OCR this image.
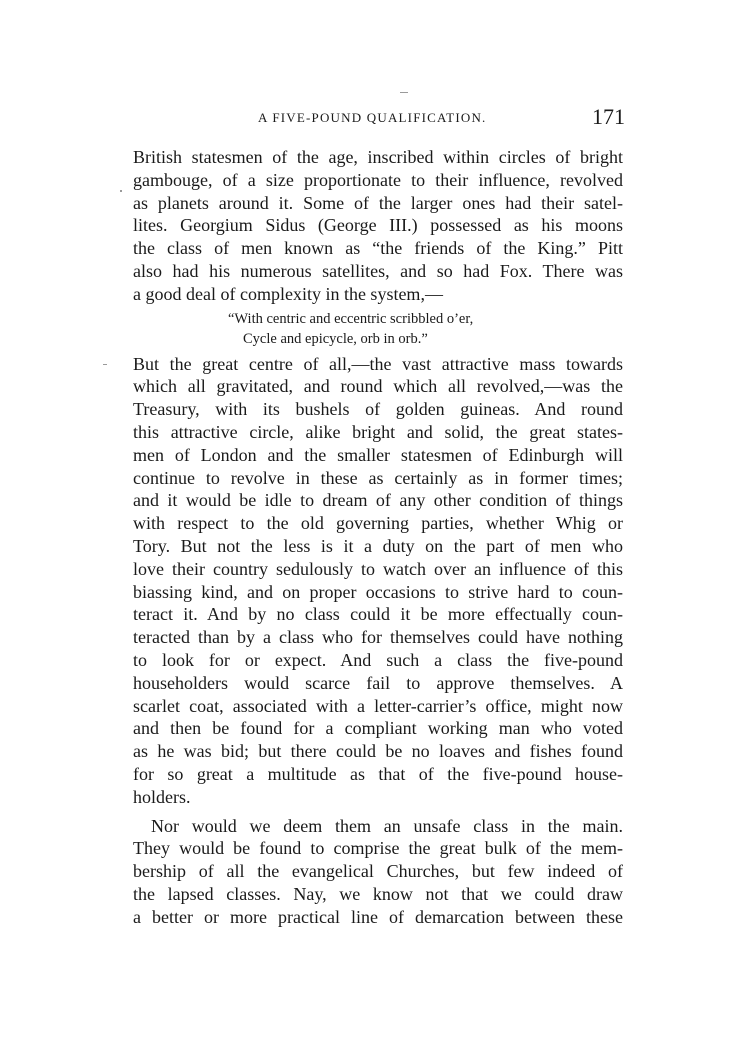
A FIVE-POUND QUALIFICATION.	171
British statesmen of the age, inscribed within circles of bright
gambouge, of a size proportionate to their influence, revolved
as planets around it. Some of the larger ones had their satel-
lites. Georgium Sidus (George III.) possessed as his moons
the class of men known as “the friends of the King.” Pitt
also had his numerous satellites, and so had Fox. There was
a good deal of complexity in the system,—
“With centric and eccentric scribbled o’er,
Cycle and epicycle, orb in orb.”
But the great centre of all,—the vast attractive mass towards
which all gravitated, and round which all revolved,—was the
Treasury, with its bushels of golden guineas. And round
this attractive circle, alike bright and solid, the great states-
men of London and the smaller statesmen of Edinburgh will
continue to revolve in these as certainly as in former times;
and it would be idle to dream of any other condition of things
with respect to the old governing parties, whether Whig or
Tory. But not the less is it a duty on the part of men who
love their country sedulously to watch over an influence of this
biassing kind, and on proper occasions to strive hard to coun-
teract it. And by no class could it be more effectually coun-
teracted than by a class who for themselves could have nothing
to look for or expect. And such a class the five-pound
householders would scarce fail to approve themselves. A
scarlet coat, associated with a letter-carrier’s office, might now
and then be found for a compliant working man who voted
as he was bid; but there could be no loaves and fishes found
for so great a multitude as that of the five-pound house-
holders.
Nor would we deem them an unsafe class in the main.
They would be found to comprise the great bulk of the mem-
bership of all the evangelical Churches, but few indeed of
the lapsed classes. Nay, we know not that we could draw
a better or more practical line of demarcation between these
